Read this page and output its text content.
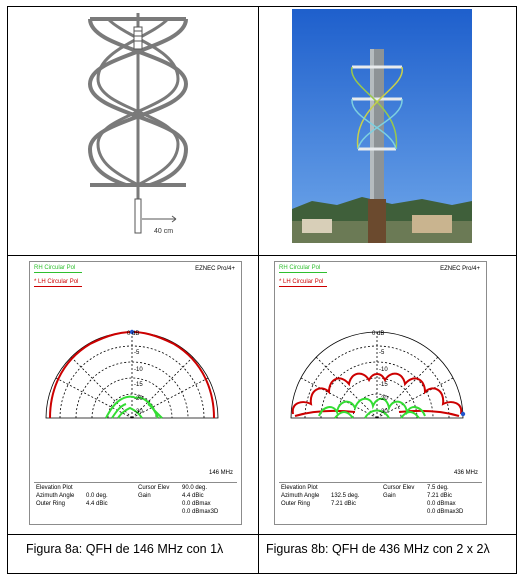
40 cm
RH Circular Pol
* LH Circular Pol
EZNEC Pro/4+
0 dB
-5
-10
-15
-20
-30
146 MHz
Elevation Plot
Azimuth Angle 0.0 deg.
Outer Ring	4.4 dBic
Cursor Elev 90.0 deg.
Gain	4.4 dBic
0.0 dBmax
0.0 dBmax3D
RH Circular Pol
* LH Circular Pol
EZNEC Pro/4+
0 dB
-5
-10
-15
-20
-30
436 MHz
Elevation Plot
Azimuth Angle 132.5 deg.
Outer Ring	7.21 dBic
Cursor Elev 7.5 deg.
Gain	7.21 dBic
0.0 dBmax
0.0 dBmax3D
Figura 8a: QFH de 146 MHz con 1λ	Figuras 8b: QFH de 436 MHz con 2 x 2λ
